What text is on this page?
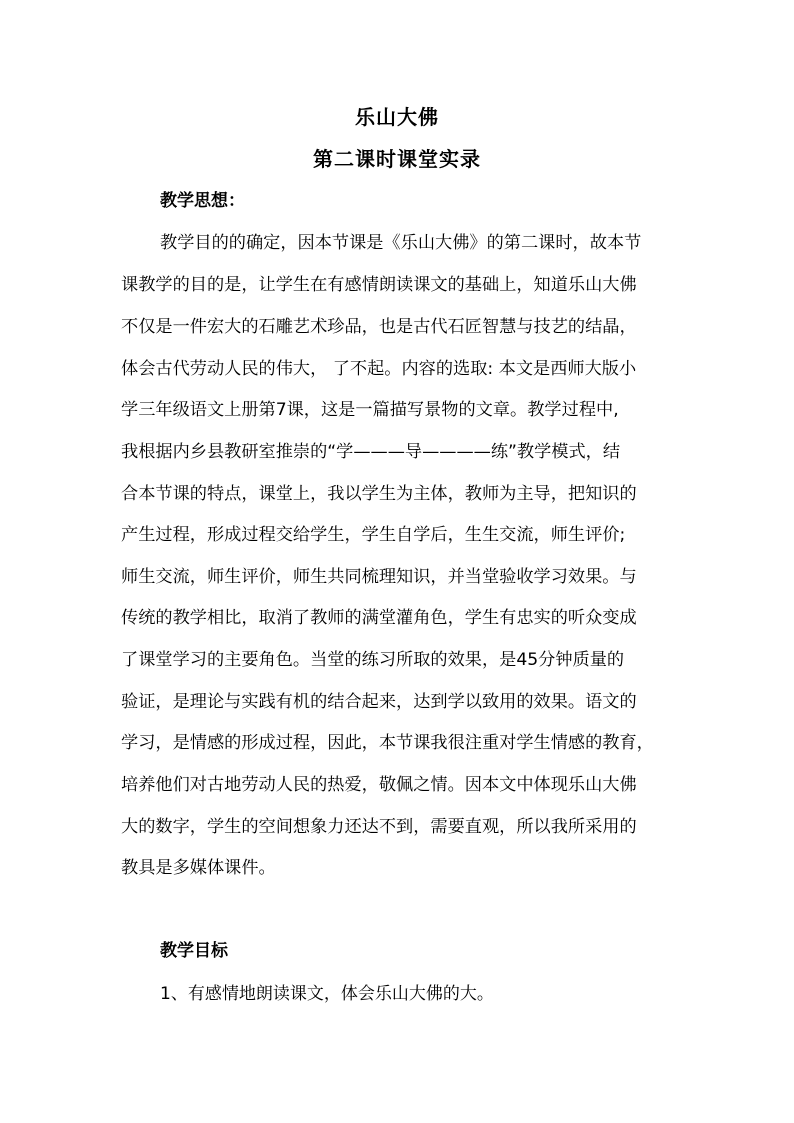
乐山大佛
第二课时课堂实录
教学思想：
教学目的的确定，因本节课是《乐山大佛》的第二课时，故本节
课教学的目的是，让学生在有感情朗读课文的基础上，知道乐山大佛
不仅是一件宏大的石雕艺术珍品，也是古代石匠智慧与技艺的结晶，
体会古代劳动人民的伟大， 了不起。内容的选取: 本文是西师大版小
学三年级语文上册第7课，这是一篇描写景物的文章。教学过程中,
我根据内乡县教研室推崇的“学———导————练”教学模式，结
合本节课的特点，课堂上，我以学生为主体，教师为主导，把知识的
产生过程，形成过程交给学生，学生自学后，生生交流，师生评价;
师生交流，师生评价，师生共同梳理知识，并当堂验收学习效果。与
传统的教学相比，取消了教师的满堂灌角色，学生有忠实的听众变成
了课堂学习的主要角色。当堂的练习所取的效果，是45分钟质量的
验证，是理论与实践有机的结合起来，达到学以致用的效果。语文的
学习，是情感的形成过程，因此，本节课我很注重对学生情感的教育，
培养他们对古地劳动人民的热爱，敬佩之情。因本文中体现乐山大佛
大的数字，学生的空间想象力还达不到，需要直观，所以我所采用的
教具是多媒体课件。
教学目标
1、有感情地朗读课文，体会乐山大佛的大。
